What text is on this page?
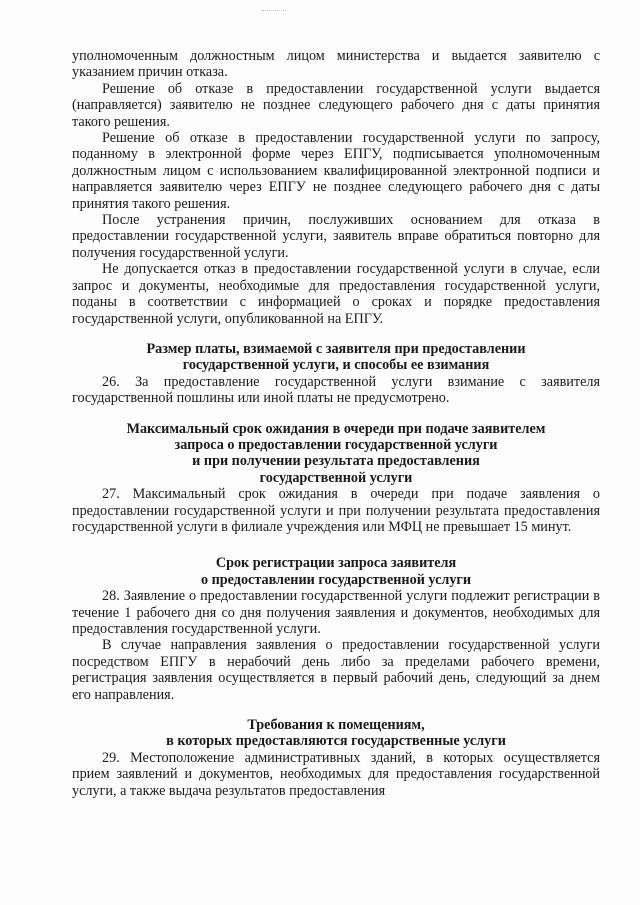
уполномоченным должностным лицом министерства и выдается заявителю с указанием причин отказа.

Решение об отказе в предоставлении государственной услуги выдается (направляется) заявителю не позднее следующего рабочего дня с даты принятия такого решения.

Решение об отказе в предоставлении государственной услуги по запросу, поданному в электронной форме через ЕПГУ, подписывается уполномоченным должностным лицом с использованием квалифицированной электронной подписи и направляется заявителю через ЕПГУ не позднее следующего рабочего дня с даты принятия такого решения.

После устранения причин, послуживших основанием для отказа в предоставлении государственной услуги, заявитель вправе обратиться повторно для получения государственной услуги.

Не допускается отказ в предоставлении государственной услуги в случае, если запрос и документы, необходимые для предоставления государственной услуги, поданы в соответствии с информацией о сроках и порядке предоставления государственной услуги, опубликованной на ЕПГУ.

Размер платы, взимаемой с заявителя при предоставлении

государственной услуги, и способы ее взимания

26. За предоставление государственной услуги взимание с заявителя государственной пошлины или иной платы не предусмотрено.

Максимальный срок ожидания в очереди при подаче заявителем

запроса о предоставлении государственной услуги

и при получении результата предоставления

государственной услуги

27. Максимальный срок ожидания в очереди при подаче заявления о предоставлении государственной услуги и при получении результата предоставления государственной услуги в филиале учреждения или МФЦ не превышает 15 минут.

Срок регистрации запроса заявителя

о предоставлении государственной услуги

28. Заявление о предоставлении государственной услуги подлежит регистрации в течение 1 рабочего дня со дня получения заявления и документов, необходимых для предоставления государственной услуги.

В случае направления заявления о предоставлении государственной услуги посредством ЕПГУ в нерабочий день либо за пределами рабочего времени, регистрация заявления осуществляется в первый рабочий день, следующий за днем его направления.

Требования к помещениям,

в которых предоставляются государственные услуги

29. Местоположение административных зданий, в которых осуществляется прием заявлений и документов, необходимых для предоставления государственной услуги, а также выдача результатов предоставления
